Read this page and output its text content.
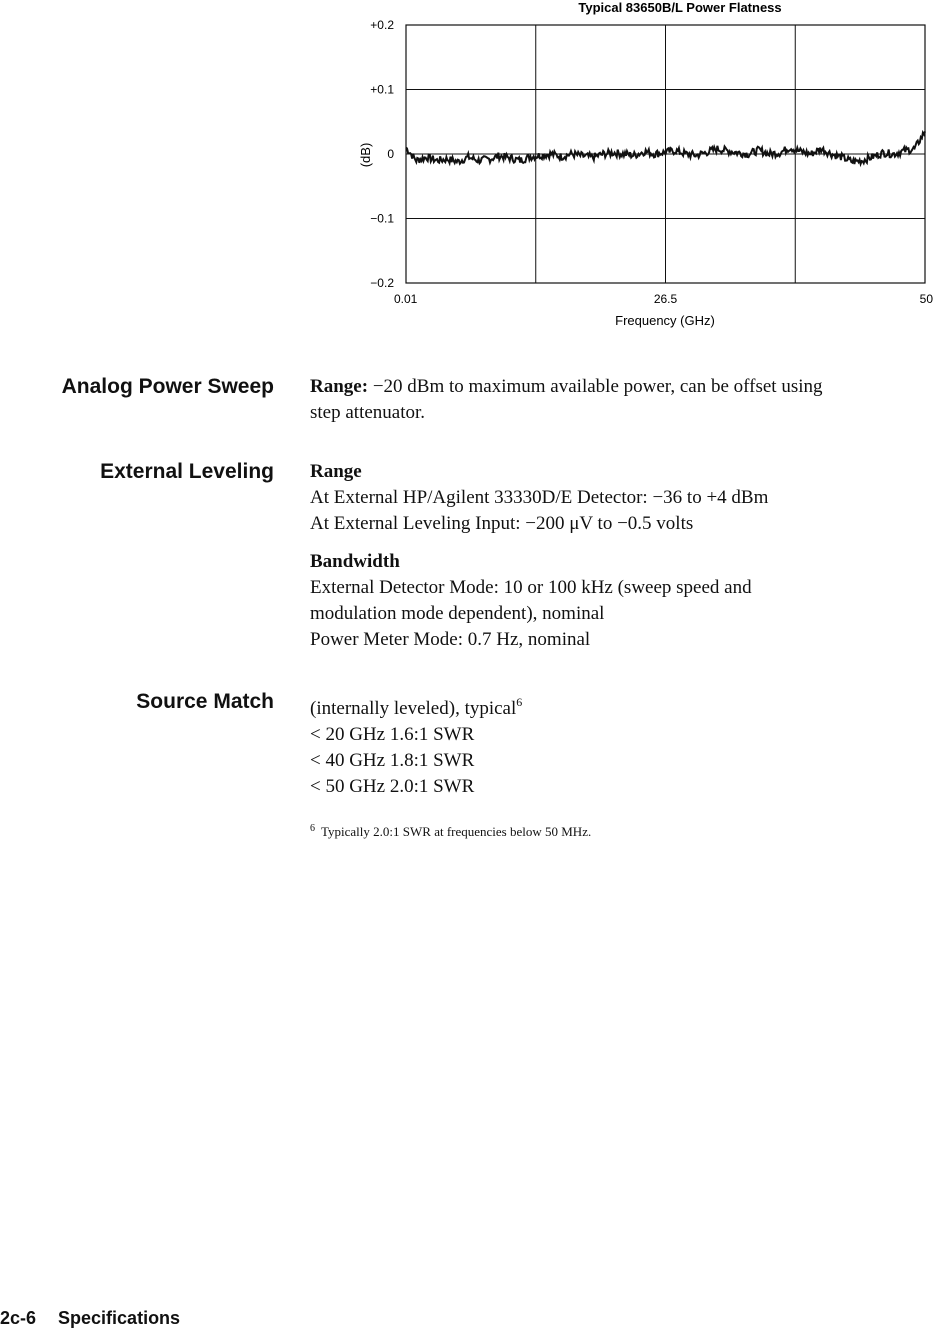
Typical 83650B/L Power Flatness
(dB)
Frequency (GHz)
+0.2
+0.1
0
−0.1
−0.2
0.01	26.5	50
Analog Power Sweep Range: −20 dBm to maximum available power, can be offset using
step attenuator.
External Leveling Range
At External HP/Agilent 33330D/E Detector: −36 to +4 dBm
At External Leveling Input: −200 μV to −0.5 volts
Bandwidth
External Detector Mode: 10 or 100 kHz (sweep speed and
modulation mode dependent), nominal
Power Meter Mode: 0.7 Hz, nominal
Source Match (internally leveled), typical$^6$
< 20 GHz 1.6:1 SWR
< 40 GHz 1.8:1 SWR
< 50 GHz 2.0:1 SWR
$^6$ Typically 2.0:1 SWR at frequencies below 50 MHz.
2c-6 Specifications
